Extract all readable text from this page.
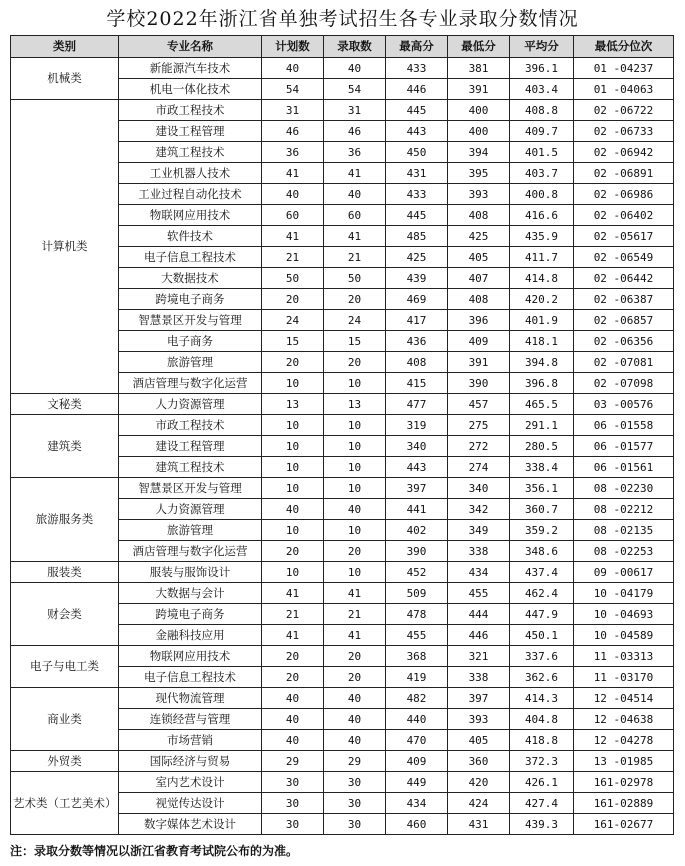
学校2022年浙江省单独考试招生各专业录取分数情况
类别	专业名称	计划数	录取数	最高分	最低分	平均分	最低分位次
机械类	新能源汽车技术	40	40	433	381	396.1	01 -04237
	机电一体化技术	54	54	446	391	403.4	01 -04063
计算机类	市政工程技术	31	31	445	400	408.8	02 -06722
	建设工程管理	46	46	443	400	409.7	02 -06733
	建筑工程技术	36	36	450	394	401.5	02 -06942
	工业机器人技术	41	41	431	395	403.7	02 -06891
	工业过程自动化技术	40	40	433	393	400.8	02 -06986
	物联网应用技术	60	60	445	408	416.6	02 -06402
	软件技术	41	41	485	425	435.9	02 -05617
	电子信息工程技术	21	21	425	405	411.7	02 -06549
	大数据技术	50	50	439	407	414.8	02 -06442
	跨境电子商务	20	20	469	408	420.2	02 -06387
	智慧景区开发与管理	24	24	417	396	401.9	02 -06857
	电子商务	15	15	436	409	418.1	02 -06356
	旅游管理	20	20	408	391	394.8	02 -07081
	酒店管理与数字化运营	10	10	415	390	396.8	02 -07098
文秘类	人力资源管理	13	13	477	457	465.5	03 -00576
建筑类	市政工程技术	10	10	319	275	291.1	06 -01558
	建设工程管理	10	10	340	272	280.5	06 -01577
	建筑工程技术	10	10	443	274	338.4	06 -01561
旅游服务类	智慧景区开发与管理	10	10	397	340	356.1	08 -02230
	人力资源管理	40	40	441	342	360.7	08 -02212
	旅游管理	10	10	402	349	359.2	08 -02135
	酒店管理与数字化运营	20	20	390	338	348.6	08 -02253
服装类	服装与服饰设计	10	10	452	434	437.4	09 -00617
财会类	大数据与会计	41	41	509	455	462.4	10 -04179
	跨境电子商务	21	21	478	444	447.9	10 -04693
	金融科技应用	41	41	455	446	450.1	10 -04589
电子与电工类	物联网应用技术	20	20	368	321	337.6	11 -03313
	电子信息工程技术	20	20	419	338	362.6	11 -03170
商业类	现代物流管理	40	40	482	397	414.3	12 -04514
	连锁经营与管理	40	40	440	393	404.8	12 -04638
	市场营销	40	40	470	405	418.8	12 -04278
外贸类	国际经济与贸易	29	29	409	360	372.3	13 -01985
艺术类（工艺美术）	室内艺术设计	30	30	449	420	426.1	161-02978
	视觉传达设计	30	30	434	424	427.4	161-02889
	数字媒体艺术设计	30	30	460	431	439.3	161-02677
注：录取分数等情况以浙江省教育考试院公布的为准。
